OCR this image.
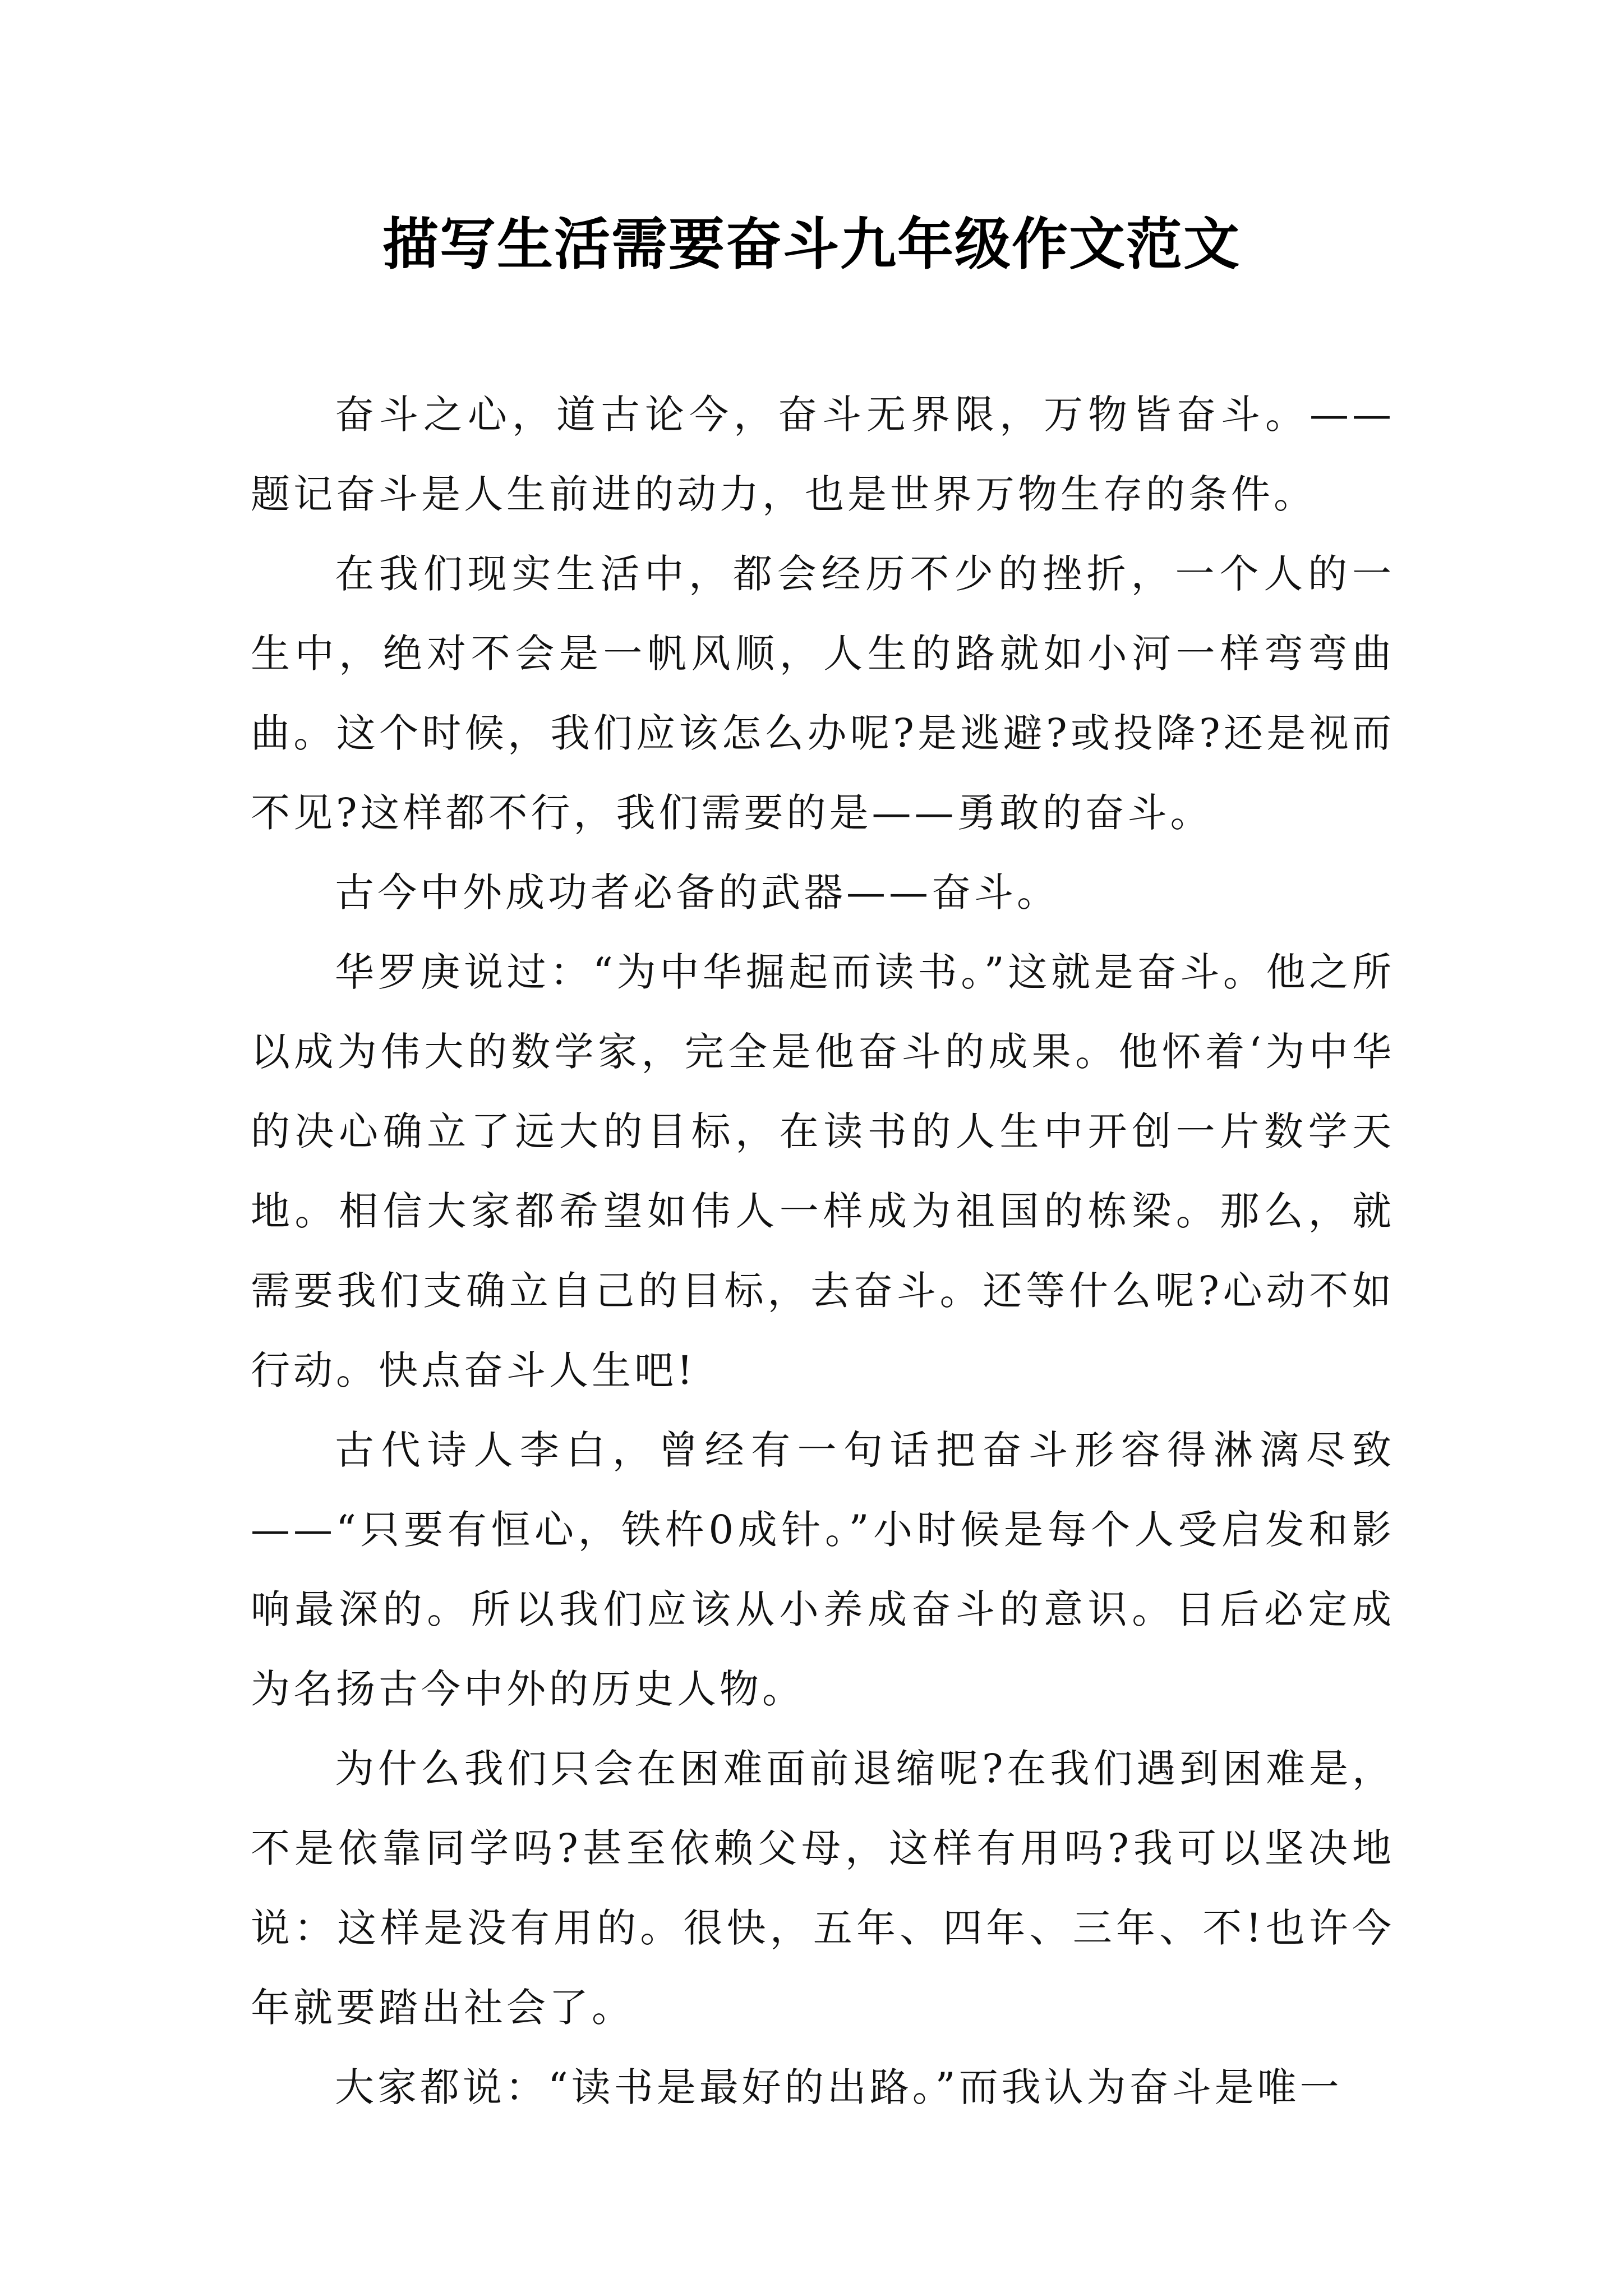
描写生活需要奋斗九年级作文范文

奋斗之心，道古论今，奋斗无界限，万物皆奋斗。——题记奋斗是人生前进的动力，也是世界万物生存的条件。

在我们现实生活中，都会经历不少的挫折，一个人的一生中，绝对不会是一帆风顺，人生的路就如小河一样弯弯曲曲。这个时候，我们应该怎么办呢?是逃避?或投降?还是视而不见?这样都不行，我们需要的是——勇敢的奋斗。

古今中外成功者必备的武器——奋斗。

华罗庚说过：“为中华掘起而读书。”这就是奋斗。他之所以成为伟大的数学家，完全是他奋斗的成果。他怀着‘为中华的决心确立了远大的目标，在读书的人生中开创一片数学天地。相信大家都希望如伟人一样成为祖国的栋梁。那么，就需要我们支确立自己的目标，去奋斗。还等什么呢?心动不如行动。快点奋斗人生吧!

古代诗人李白，曾经有一句话把奋斗形容得淋漓尽致——“只要有恒心，铁杵0成针。”小时候是每个人受启发和影响最深的。所以我们应该从小养成奋斗的意识。日后必定成为名扬古今中外的历史人物。

为什么我们只会在困难面前退缩呢?在我们遇到困难是，不是依靠同学吗?甚至依赖父母，这样有用吗?我可以坚决地说：这样是没有用的。很快，五年、四年、三年、不!也许今年就要踏出社会了。

大家都说：“读书是最好的出路。”而我认为奋斗是唯一
